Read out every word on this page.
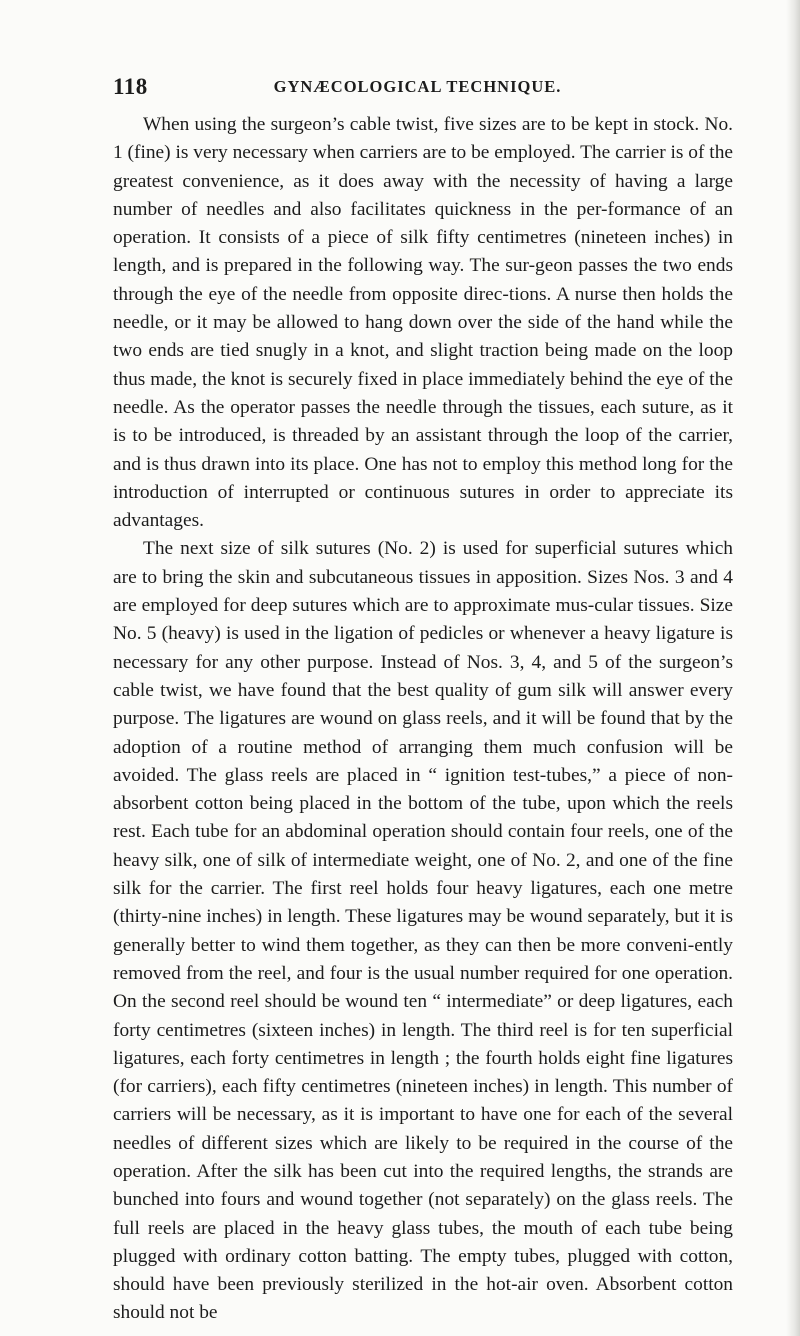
118	GYNÆCOLOGICAL TECHNIQUE.

When using the surgeon’s cable twist, five sizes are to be kept in stock. No. 1 (fine) is very necessary when carriers are to be employed. The carrier is of the greatest convenience, as it does away with the necessity of having a large number of needles and also facilitates quickness in the per-formance of an operation. It consists of a piece of silk fifty centimetres (nineteen inches) in length, and is prepared in the following way. The sur-geon passes the two ends through the eye of the needle from opposite direc-tions. A nurse then holds the needle, or it may be allowed to hang down over the side of the hand while the two ends are tied snugly in a knot, and slight traction being made on the loop thus made, the knot is securely fixed in place immediately behind the eye of the needle. As the operator passes the needle through the tissues, each suture, as it is to be introduced, is threaded by an assistant through the loop of the carrier, and is thus drawn into its place. One has not to employ this method long for the introduction of interrupted or continuous sutures in order to appreciate its advantages.

The next size of silk sutures (No. 2) is used for superficial sutures which are to bring the skin and subcutaneous tissues in apposition. Sizes Nos. 3 and 4 are employed for deep sutures which are to approximate mus-cular tissues. Size No. 5 (heavy) is used in the ligation of pedicles or whenever a heavy ligature is necessary for any other purpose. Instead of Nos. 3, 4, and 5 of the surgeon’s cable twist, we have found that the best quality of gum silk will answer every purpose. The ligatures are wound on glass reels, and it will be found that by the adoption of a routine method of arranging them much confusion will be avoided. The glass reels are placed in “ ignition test-tubes,” a piece of non-absorbent cotton being placed in the bottom of the tube, upon which the reels rest. Each tube for an abdominal operation should contain four reels, one of the heavy silk, one of silk of intermediate weight, one of No. 2, and one of the fine silk for the carrier. The first reel holds four heavy ligatures, each one metre (thirty-nine inches) in length. These ligatures may be wound separately, but it is generally better to wind them together, as they can then be more conveni-ently removed from the reel, and four is the usual number required for one operation. On the second reel should be wound ten “ intermediate” or deep ligatures, each forty centimetres (sixteen inches) in length. The third reel is for ten superficial ligatures, each forty centimetres in length ; the fourth holds eight fine ligatures (for carriers), each fifty centimetres (nineteen inches) in length. This number of carriers will be necessary, as it is important to have one for each of the several needles of different sizes which are likely to be required in the course of the operation. After the silk has been cut into the required lengths, the strands are bunched into fours and wound together (not separately) on the glass reels. The full reels are placed in the heavy glass tubes, the mouth of each tube being plugged with ordinary cotton batting. The empty tubes, plugged with cotton, should have been previously sterilized in the hot-air oven. Absorbent cotton should not be
